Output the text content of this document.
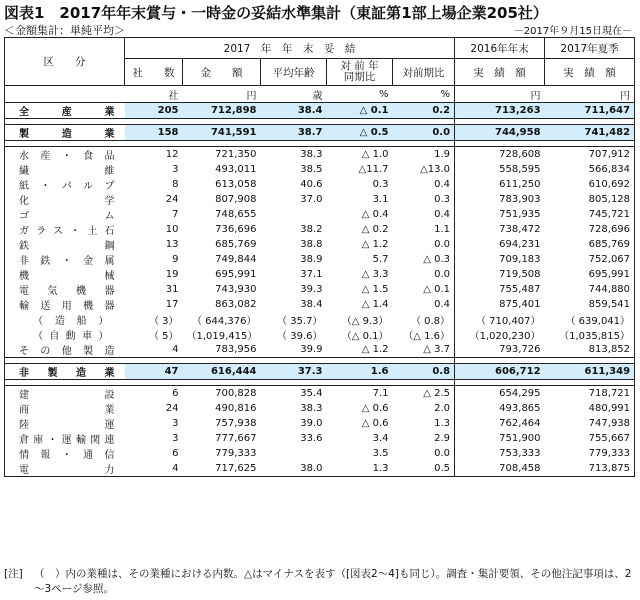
図表1　2017年年末賞与・一時金の妥結水準集計（東証第1部上場企業205社）
＜金額集計：単純平均＞	－2017年９月15日現在－
区　　分	2017　年　年　末　妥　結					2016年年末	2017年夏季
	社　　数	金　　額	平均年齢	対 前 年
同期比	対前期比	実　績　額	実　績　額
	社	円	歳	%	%	円	円
全　産　業	205	712,898	38.4	△ 0.1	0.2	713,263	711,647

製　造　業	158	741,591	38.7	△ 0.5	0.0	744,958	741,482

水産・食品	12	721,350	38.3	△ 1.0	1.9	728,608	707,912
繊維	3	493,011	38.5	△11.7	△13.0	558,595	566,834
紙・パルプ	8	613,058	40.6	0.3	0.4	611,250	610,692
化学	24	807,908	37.0	3.1	0.3	783,903	805,128
ゴム	7	748,655		△ 0.4	0.4	751,935	745,721
ガラス・土石	10	736,696	38.2	△ 0.2	1.1	738,472	728,696
鉄鋼	13	685,769	38.8	△ 1.2	0.0	694,231	685,769
非鉄・金属	9	749,844	38.9	5.7	△ 0.3	709,183	752,067
機械	19	695,991	37.1	△ 3.3	0.0	719,508	695,991
電気機器	31	743,930	39.3	△ 1.5	△ 0.1	755,487	744,880
輸送用機器	17	863,082	38.4	△ 1.4	0.4	875,401	859,541
（造船）	（ 3）	（ 644,376）	（ 35.7）	（△ 9.3）	（ 0.8）	（ 710,407）	（ 639,041）
（自動車）	（ 5）	（1,019,415）	（ 39.6）	（△ 0.1）	（△ 1.6）	（1,020,230）	（1,035,815）
その他製造	4	783,956	39.9	△ 1.2	△ 3.7	793,726	813,852

非　製　造　業	47	616,444	37.3	1.6	0.8	606,712	611,349

建設	6	700,828	35.4	7.1	△ 2.5	654,295	718,721
商業	24	490,816	38.3	△ 0.6	2.0	493,865	480,991
陸運	3	757,938	39.0	△ 0.6	1.3	762,464	747,938
倉庫・運輸関連	3	777,667	33.6	3.4	2.9	751,900	755,667
情報・通信	6	779,333		3.5	0.0	753,333	779,333
電力	4	717,625	38.0	1.3	0.5	708,458	713,875
[注] （　）内の業種は、その業種における内数。△はマイナスを表す（[図表2～4]も同じ）。調査・集計要領、その他注記事項は、2～3ページ参照。
